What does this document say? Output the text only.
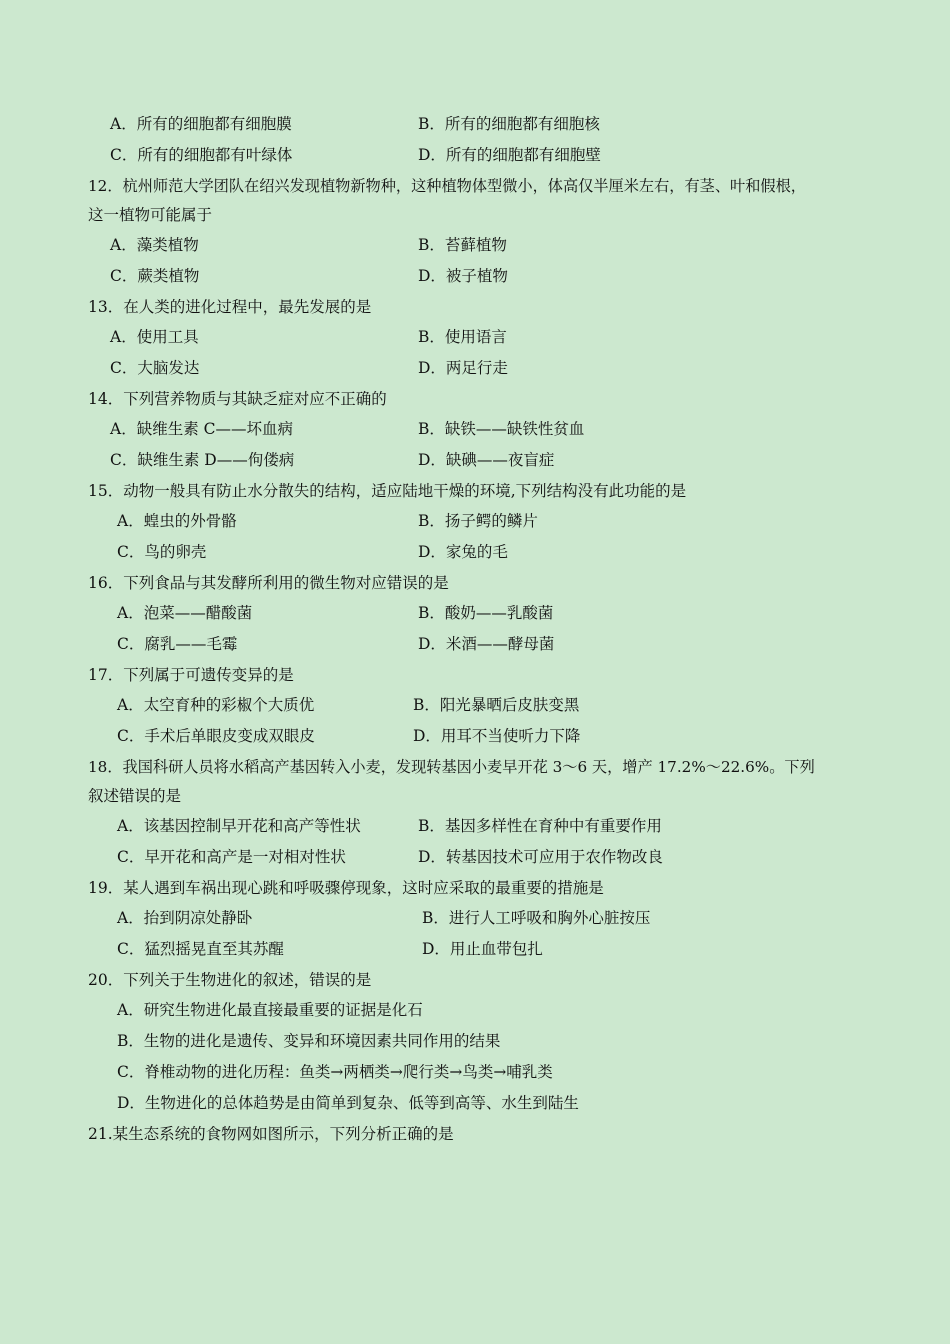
A．所有的细胞都有细胞膜	B．所有的细胞都有细胞核
C．所有的细胞都有叶绿体	D．所有的细胞都有细胞壁
12．杭州师范大学团队在绍兴发现植物新物种，这种植物体型微小，体高仅半厘米左右，有茎、叶和假根，
这一植物可能属于
A．藻类植物	B．苔藓植物
C．蕨类植物	D．被子植物
13．在人类的进化过程中，最先发展的是
A．使用工具	B．使用语言
C．大脑发达	D．两足行走
14．下列营养物质与其缺乏症对应不正确的
A．缺维生素 C——坏血病	B．缺铁——缺铁性贫血
C．缺维生素 D——佝偻病	D．缺碘——夜盲症
15．动物一般具有防止水分散失的结构，适应陆地干燥的环境,下列结构没有此功能的是
A．蝗虫的外骨骼	B．扬子鳄的鳞片
C．鸟的卵壳	D．家兔的毛
16．下列食品与其发酵所利用的微生物对应错误的是
A．泡菜——醋酸菌	B．酸奶——乳酸菌
C．腐乳——毛霉	D．米酒——酵母菌
17．下列属于可遗传变异的是
A．太空育种的彩椒个大质优	B．阳光暴晒后皮肤变黑
C．手术后单眼皮变成双眼皮	D．用耳不当使听力下降
18．我国科研人员将水稻高产基因转入小麦，发现转基因小麦早开花 3～6 天，增产 17.2%～22.6%。下列
叙述错误的是
A．该基因控制早开花和高产等性状	B．基因多样性在育种中有重要作用
C．早开花和高产是一对相对性状	D．转基因技术可应用于农作物改良
19．某人遇到车祸出现心跳和呼吸骤停现象，这时应采取的最重要的措施是
A．抬到阴凉处静卧	B．进行人工呼吸和胸外心脏按压
C．猛烈摇晃直至其苏醒	D．用止血带包扎
20．下列关于生物进化的叙述，错误的是
A．研究生物进化最直接最重要的证据是化石
B．生物的进化是遗传、变异和环境因素共同作用的结果
C．脊椎动物的进化历程：鱼类→两栖类→爬行类→鸟类→哺乳类
D．生物进化的总体趋势是由简单到复杂、低等到高等、水生到陆生
21.某生态系统的食物网如图所示，下列分析正确的是
